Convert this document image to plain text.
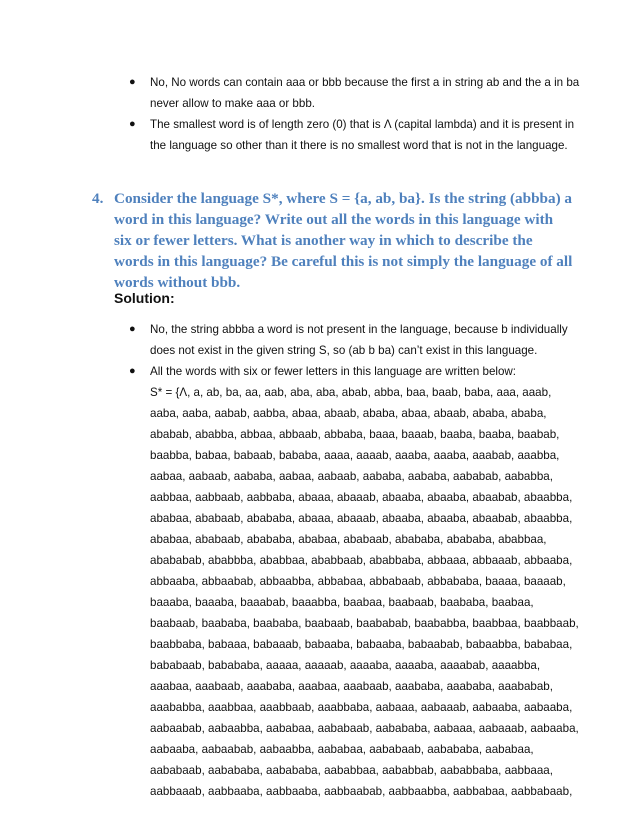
● No, No words can contain aaa or bbb because the first a in string ab and the a in ba never allow to make aaa or bbb.
● The smallest word is of length zero (0) that is Λ (capital lambda) and it is present in the language so other than it there is no smallest word that is not in the language.
4. Consider the language S*, where S = {a, ab, ba}. Is the string (abbba) a word in this language? Write out all the words in this language with six or fewer letters. What is another way in which to describe the words in this language? Be careful this is not simply the language of all words without bbb.
Solution:
● No, the string abbba a word is not present in the language, because b individually does not exist in the given string S, so (ab b ba) can’t exist in this language.
● All the words with six or fewer letters in this language are written below:
S* = {Λ, a, ab, ba, aa, aab, aba, aba, abab, abba, baa, baab, baba, aaa, aaab, aaba, aaba, aabab, aabba, abaa, abaab, ababa, abaa, abaab, ababa, ababa, ababab, ababba, abbaa, abbaab, abbaba, baaa, baaab, baaba, baaba, baabab, baabba, babaa, babaab, bababa, aaaa, aaaab, aaaba, aaaba, aaabab, aaabba, aabaa, aabaab, aababa, aabaa, aabaab, aababa, aababa, aababab, aababba, aabbaa, aabbaab, aabbaba, abaaa, abaaab, abaaba, abaaba, abaabab, abaabba, ababaa, ababaab, abababa, abaaa, abaaab, abaaba, abaaba, abaabab, abaabba, ababaa, ababaab, abababa, ababaa, ababaab, abababa, abababa, ababbaa, abababab, ababbba, ababbaa, ababbaab, ababbaba, abbaaa, abbaaab, abbaaba, abbaaba, abbaabab, abbaabba, abbabaa, abbabaab, abbababa, baaaa, baaaab, baaaba, baaaba, baaabab, baaabba, baabaa, baabaab, baababa, baabaa, baabaab, baababa, baababa, baabaab, baababab, baababba, baabbaa, baabbaab, baabbaba, babaaa, babaaab, babaaba, babaaba, babaabab, babaabba, bababaa, bababaab, babababa, aaaaa, aaaaab, aaaaba, aaaaba, aaaabab, aaaabba, aaabaa, aaabaab, aaababa, aaabaa, aaabaab, aaababa, aaababa, aaababab, aaababba, aaabbaa, aaabbaab, aaabbaba, aabaaa, aabaaab, aabaaba, aabaaba, aabaabab, aabaabba, aababaa, aababaab, aabababa, aabaaa, aabaaab, aabaaba, aabaaba, aabaabab, aabaabba, aababaa, aababaab, aabababa, aababaa, aababaab, aabababa, aabababa, aababbaa, aababbab, aababbaba, aabbaaa, aabbaaab, aabbaaba, aabbaaba, aabbaabab, aabbaabba, aabbabaa, aabbabaab,
